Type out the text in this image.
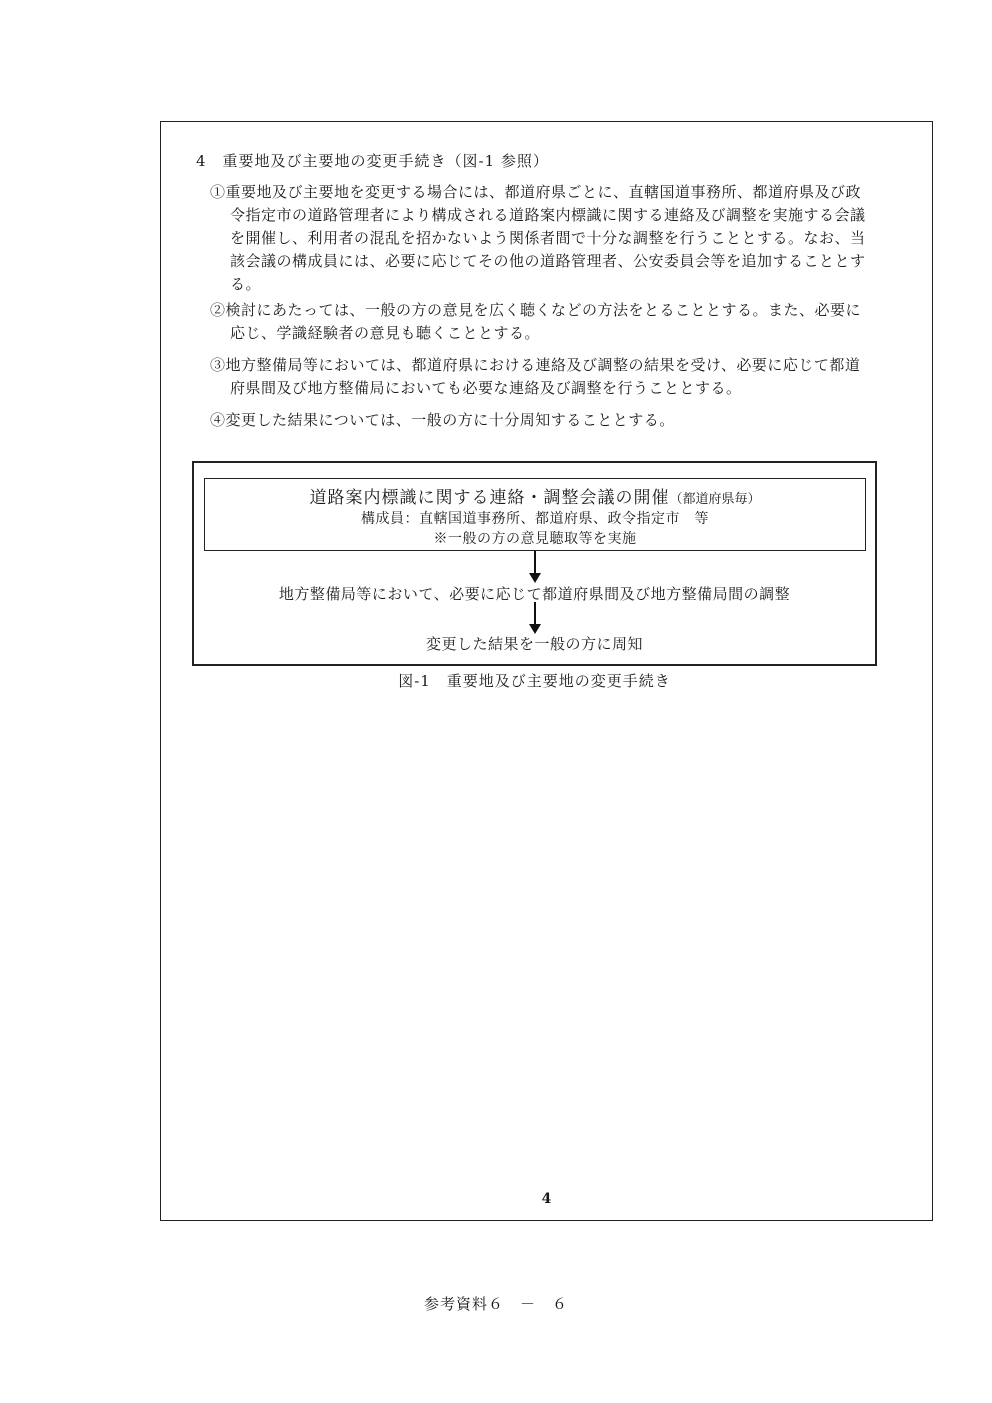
4　重要地及び主要地の変更手続き（図-1 参照）
①重要地及び主要地を変更する場合には、都道府県ごとに、直轄国道事務所、都道府県及び政令指定市の道路管理者により構成される道路案内標識に関する連絡及び調整を実施する会議を開催し、利用者の混乱を招かないよう関係者間で十分な調整を行うこととする。なお、当該会議の構成員には、必要に応じてその他の道路管理者、公安委員会等を追加することとする。
②検討にあたっては、一般の方の意見を広く聴くなどの方法をとることとする。また、必要に応じ、学識経験者の意見も聴くこととする。
③地方整備局等においては、都道府県における連絡及び調整の結果を受け、必要に応じて都道府県間及び地方整備局においても必要な連絡及び調整を行うこととする。
④変更した結果については、一般の方に十分周知することとする。
道路案内標識に関する連絡・調整会議の開催（都道府県毎）
構成員：直轄国道事務所、都道府県、政令指定市　等
※一般の方の意見聴取等を実施
地方整備局等において、必要に応じて都道府県間及び地方整備局間の調整
変更した結果を一般の方に周知
図-1　重要地及び主要地の変更手続き
4
参考資料６　－　６
